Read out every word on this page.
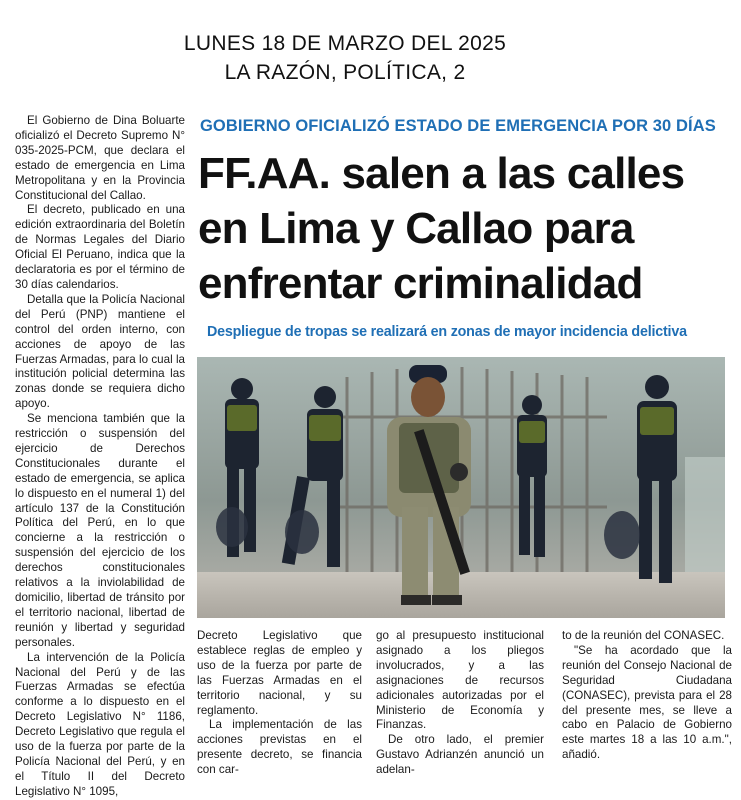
LUNES 18 DE MARZO DEL 2025
LA RAZÓN, POLÍTICA, 2

El Gobierno de Dina Boluarte oficializó el Decreto Supremo N° 035-2025-PCM, que declara el estado de emergencia en Lima Metropolitana y en la Provincia Constitucional del Callao.

El decreto, publicado en una edición extraordinaria del Boletín de Normas Legales del Diario Oficial El Peruano, indica que la declaratoria es por el término de 30 días calendarios.

Detalla que la Policía Nacional del Perú (PNP) mantiene el control del orden interno, con acciones de apoyo de las Fuerzas Armadas, para lo cual la institución policial determina las zonas donde se requiera dicho apoyo.

Se menciona también que la restricción o suspensión del ejercicio de Derechos Constitucionales durante el estado de emergencia, se aplica lo dispuesto en el numeral 1) del artículo 137 de la Constitución Política del Perú, en lo que concierne a la restricción o suspensión del ejercicio de los derechos constitucionales relativos a la inviolabilidad de domicilio, libertad de tránsito por el territorio nacional, libertad de reunión y libertad y seguridad personales.

La intervención de la Policía Nacional del Perú y de las Fuerzas Armadas se efectúa conforme a lo dispuesto en el Decreto Legislativo N° 1186, Decreto Legislativo que regula el uso de la fuerza por parte de la Policía Nacional del Perú, y en el Título II del Decreto Legislativo N° 1095,

GOBIERNO OFICIALIZÓ ESTADO DE EMERGENCIA POR 30 DÍAS
FF.AA. salen a las calles en Lima y Callao para enfrentar criminalidad
Despliegue de tropas se realizará en zonas de mayor incidencia delictiva

Decreto Legislativo que establece reglas de empleo y uso de la fuerza por parte de las Fuerzas Armadas en el territorio nacional, y su reglamento.

La implementación de las acciones previstas en el presente decreto, se financia con car-

go al presupuesto institucional asignado a los pliegos involucrados, y a las asignaciones de recursos adicionales autorizadas por el Ministerio de Economía y Finanzas.

De otro lado, el premier Gustavo Adrianzén anunció un adelan-

to de la reunión del CONASEC.

"Se ha acordado que la reunión del Consejo Nacional de Seguridad Ciudadana (CONASEC), prevista para el 28 del presente mes, se lleve a cabo en Palacio de Gobierno este martes 18 a las 10 a.m.", añadió.
